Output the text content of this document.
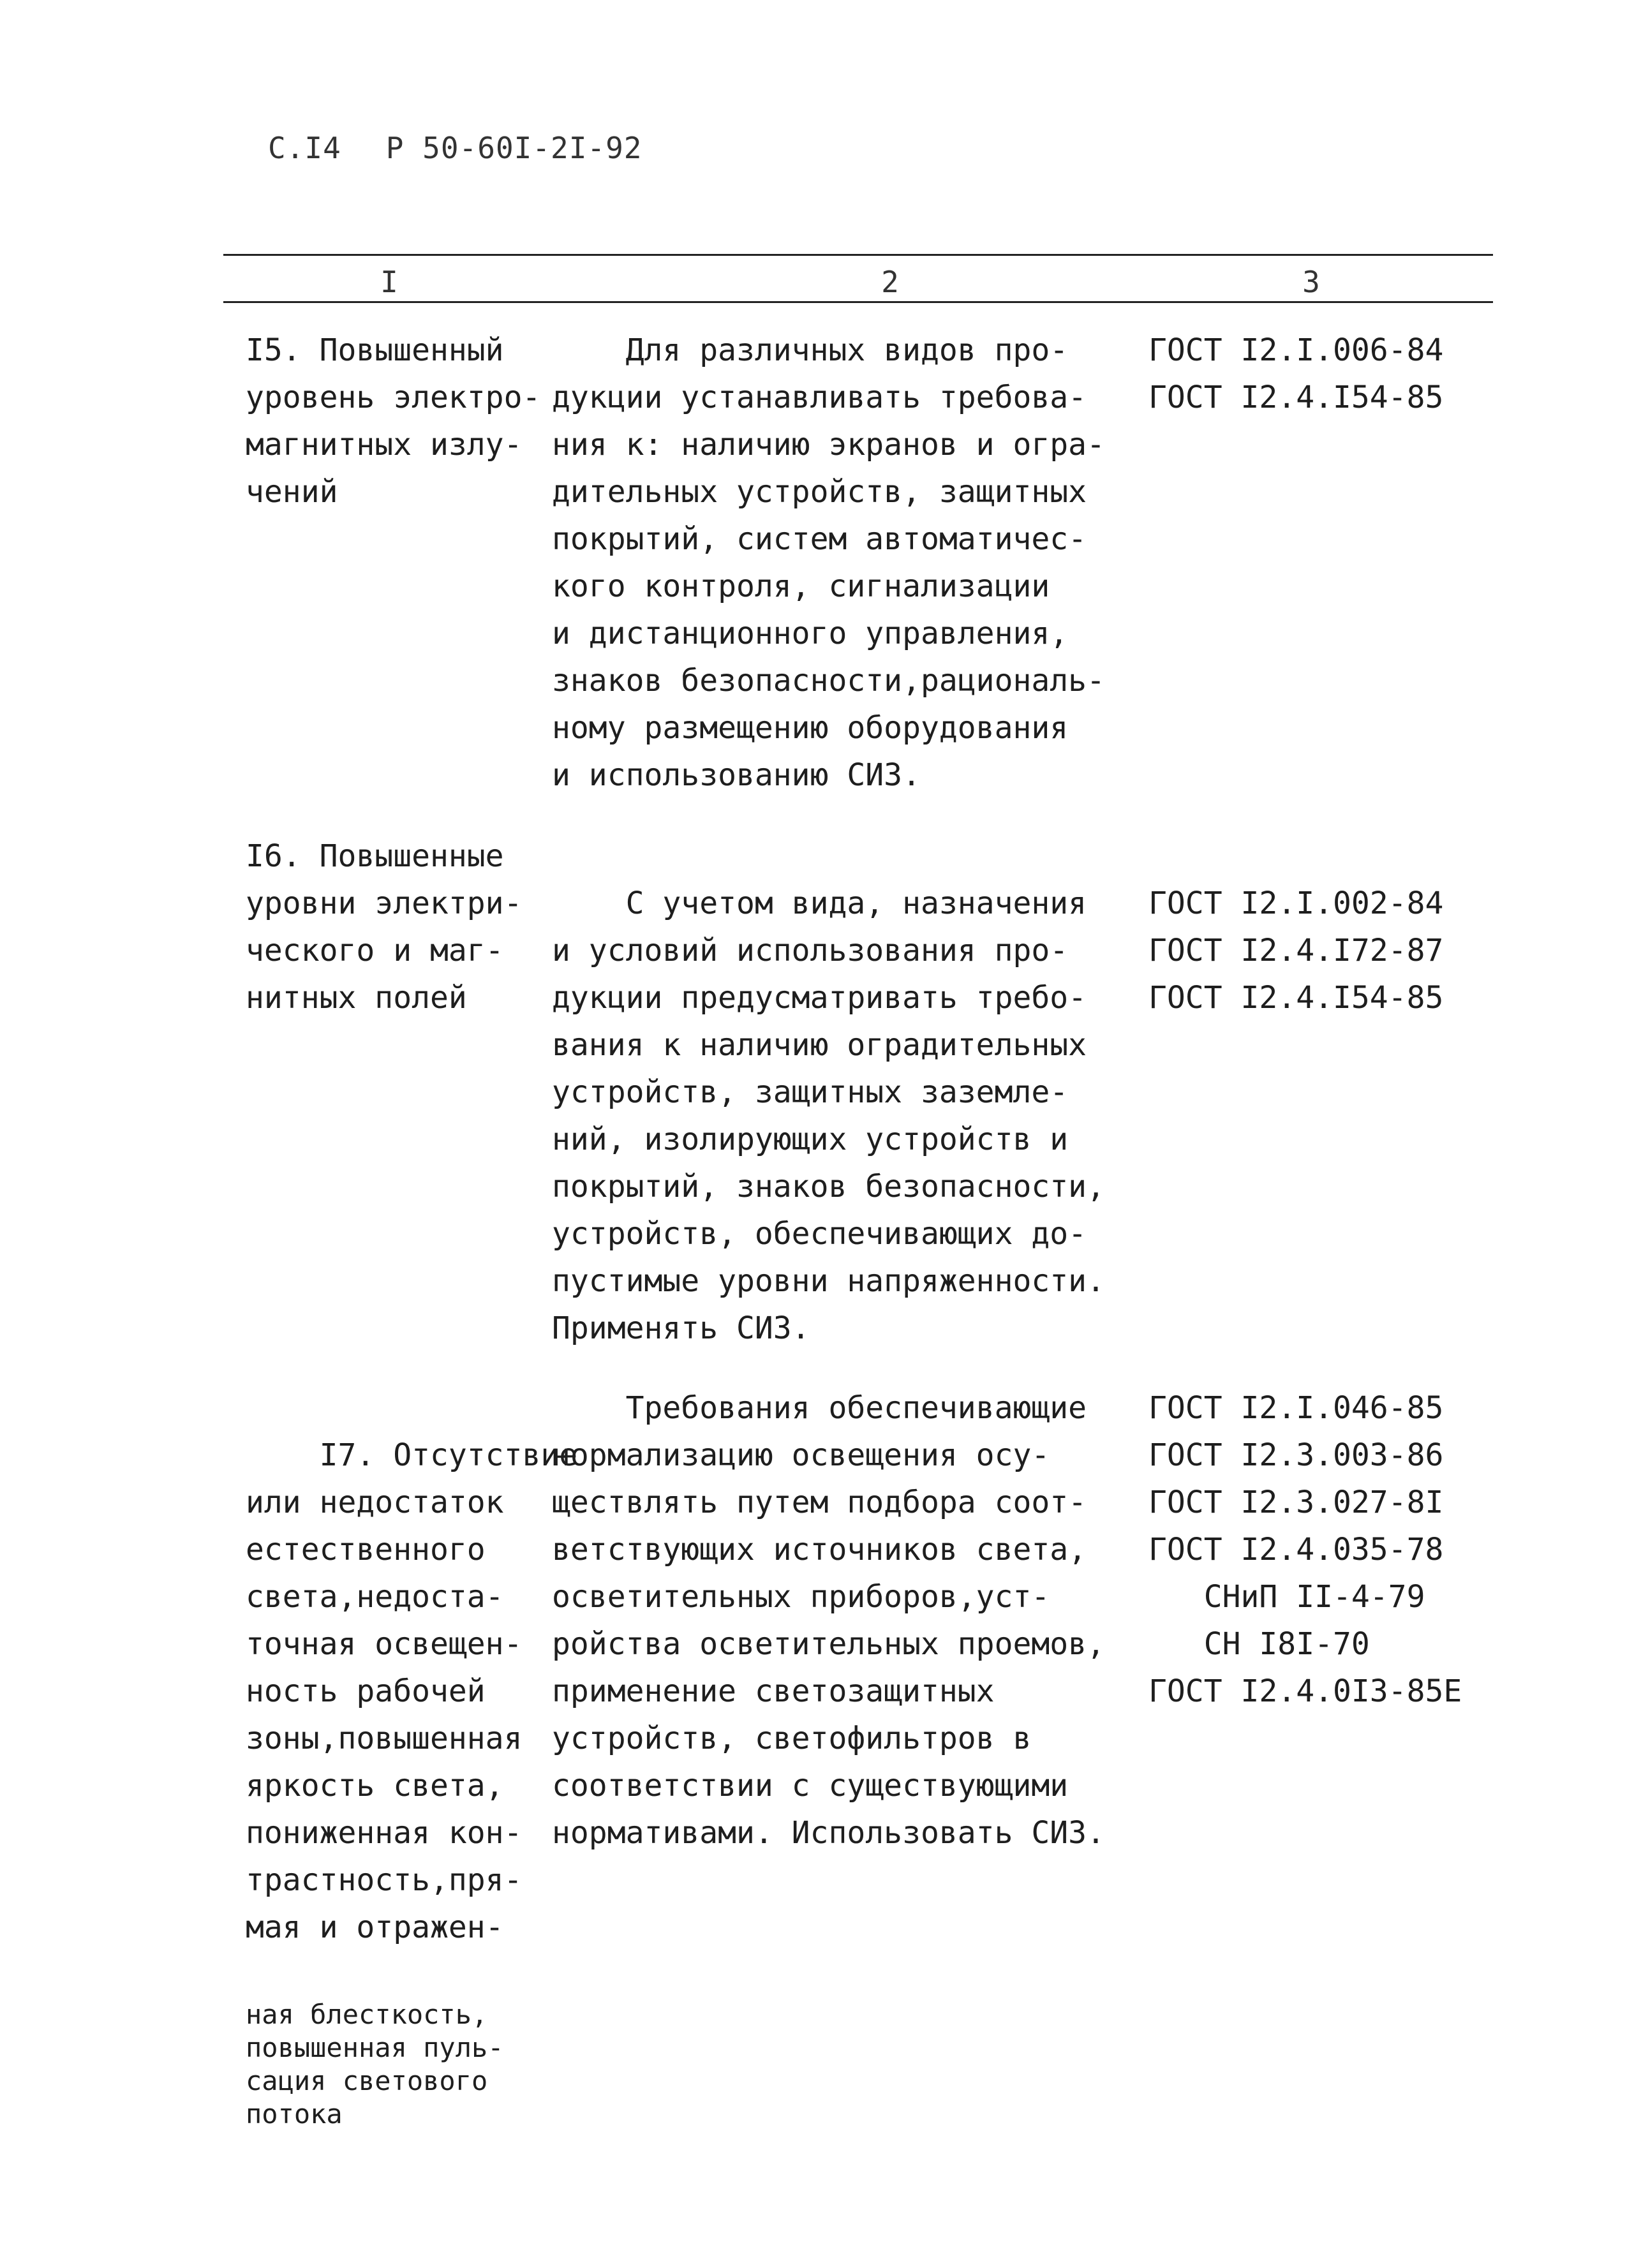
С.I4 Р 50-60I-2I-92
I	2	3
I5. Повышенный
уровень электро-
магнитных излу-
чений
Для различных видов про-
дукции устанавливать требова-
ния к: наличию экранов и огра-
дительных устройств, защитных
покрытий, систем автоматичес-
кого контроля, сигнализации
и дистанционного управления,
знаков безопасности,рациональ-
ному размещению оборудования
и использованию СИЗ.
ГОСТ I2.I.006-84
ГОСТ I2.4.I54-85
I6. Повышенные
уровни электри-
ческого и маг-
нитных полей
С учетом вида, назначения
и условий использования про-
дукции предусматривать требо-
вания к наличию оградительных
устройств, защитных заземле-
ний, изолирующих устройств и
покрытий, знаков безопасности,
устройств, обеспечивающих до-
пустимые уровни напряженности.
Применять СИЗ.
ГОСТ I2.I.002-84
ГОСТ I2.4.I72-87
ГОСТ I2.4.I54-85

I7. Отсутствие
или недостаток
естественного
света,недоста-
точная освещен-
ность рабочей
зоны,повышенная
яркость света,
пониженная кон-
трастность,пря-
мая и отражен-

ная блесткость,
повышенная пуль-
сация светового
потока

Требования обеспечивающие
нормализацию освещения осу-
ществлять путем подбора соот-
ветствующих источников света,
осветительных приборов,уст-
ройства осветительных проемов,
применение светозащитных
устройств, светофильтров в
соответствии с существующими
нормативами. Использовать СИЗ.
ГОСТ I2.I.046-85
ГОСТ I2.3.003-86
ГОСТ I2.3.027-8I
ГОСТ I2.4.035-78
СНиП II-4-79
СН I8I-70
ГОСТ I2.4.0I3-85Е
